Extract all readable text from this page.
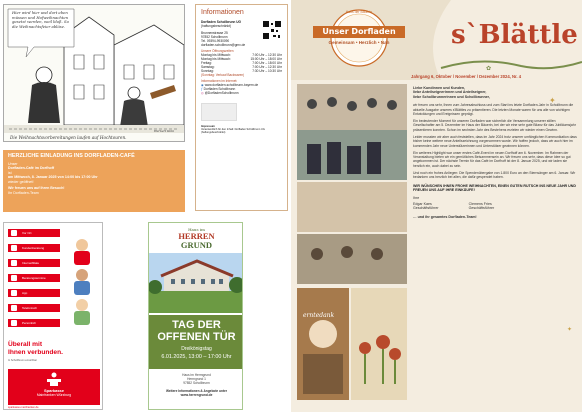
Hier wird hier und dort eben müssen und Hofweihnachten gesetzt werden, weil bloß. So die Weihnachtsfeier ablöse.
Herbert Kinn
Die Weihnachtsvorbereitungen laufen auf Hochtouren.
HERZLICHE EINLADUNG INS DORFLADEN-CAFÉ
Unser
Dorfladen-Café im Dorfhoff
ist
am Mittwoch, 8. Januar 2025 von 14:00 bis 17:00 Uhr
wieder geöffnet!
Wir freuen uns auf Ihren Besuch!
Ihr Dorfladen-Team
Informationen
Dorfladen Schollbrunn UG
(haftungsbeschränkt)
Brunnenstrasse 25
97852 Schollbrunn
Tel. 09394-9930090
dorfladen.schollbrunn@gmx.de
Unsere Öffnungszeiten
Montag bis Mittwoch:	7:00 Uhr – 12:30 Uhr
Montag bis Mittwoch:	15:00 Uhr – 18:00 Uhr
Freitag:	7:00 Uhr – 18:00 Uhr
Samstag:	7:00 Uhr – 12:30 Uhr
Sonntag:	7:30 Uhr – 10:30 Uhr
(Sonntag: Verkauf Backwaren)
Informationen im Internet:
◉ www.dorfladen-schollbrunn-bayern.de
ƒ Dorfladen Schollbrunn
◎ @DorfladenSchollbrunn
Impressum
Verantwortlich für den Inhalt: Dorfladen Schollbrunn UG
(haftungsbeschränkt)
Vor Ort
Kundenberatung
Internetfiliale
Beratungstermine
App
Telefonisch
Persönlich
Überall mit
Ihnen verbunden.
In Schollbrunn erreichbar
Sparkasse
Mainfranken Würzburg
sparkasse-mainfranken.de
Haus im
HERREN
GRUND
TAG DER
OFFENEN TÜR
Dreikönigstag
6.01.2025, 13:00 – 17:00 Uhr
Haus im Herrngrund
Herrngrund 1
97852 Schollbrunn
Weitere Informationen & Angebote unter
www.herrengrund.de
✿
Haus der Bäuerin
Unser Dorfladen
Gemeinsam • Herzlich • Nah	s`Blättle
Jahrgang 6, Oktober / November / Dezember 2024, Nr. 4
erntedank
Liebe Kundinnen und Kunden,
liebe Anteilseignerinnen und Anteilseigner,
liebe Schollbrunnerinnen und Schollbrunner,
wir freuen uns sehr, Ihnen zum Jahresabschluss und zum Start ins letzte Dorfladen-Jahr in Schollbrunn die aktuelle Ausgabe unseres s'Blättles zu präsentieren. Die letzten Monate waren für uns alle von wichtigen Entwicklungen und Ereignissen geprägt.
Ein bedeutender Moment für unseren Dorfladen war sicherlich die Versammlung unserer stillen Gesellschafter am 5. Dezember im Haus der Bäuerin, bei der wir eine sehr gute Bilanz für das Jubiläumsjahr präsentieren konnten. Schon im sechsten Jahr des Bestehens erzielen wir wieder einen Gewinn.
Leider mussten wir aber auch feststellen, dass im Jahr 2024 trotz unserer umfänglichen Kommunikation dass bisher keine weitere neue Anteilszeichnung vorgenommen wurde. Wir hoffen jedoch, dass wir auch hier im kommenden Jahr neue Unterstützerinnen und Unterstützer gewinnen können.
Ein weiteres Highlight war unser erstes Café-Event im neuen Dorfhoff am 6. November. Im Rahmen der Veranstaltung bieten wir ein gemütliches Beisammensein an. Wir freuen uns sehr, dass diese Idee so gut angekommen ist. Der nächste Termin für das Café im Dorfhoff ist der 8. Januar 2025, und wir laden sie herzlich ein, auch dabei zu sein.
Und noch ein frohes Anliegen: Die Spendenübergabe von 1.800 Euro an den Sternsänger am 6. Januar. Wir bedanken uns herzlich bei allen, die dafür gespendet haben.
WIR WÜNSCHEN IHNEN FROHE WEIHNACHTEN, EINEN GUTEN RUTSCH INS NEUE JAHR UND FREUEN UNS AUF IHRE EINKÄUFE!
Ihre
Edgar Kaes
Geschäftsführer
Clemens Fries
Geschäftsführer
… und ihr gesamtes Dorfladen-Team!
✦
✦
